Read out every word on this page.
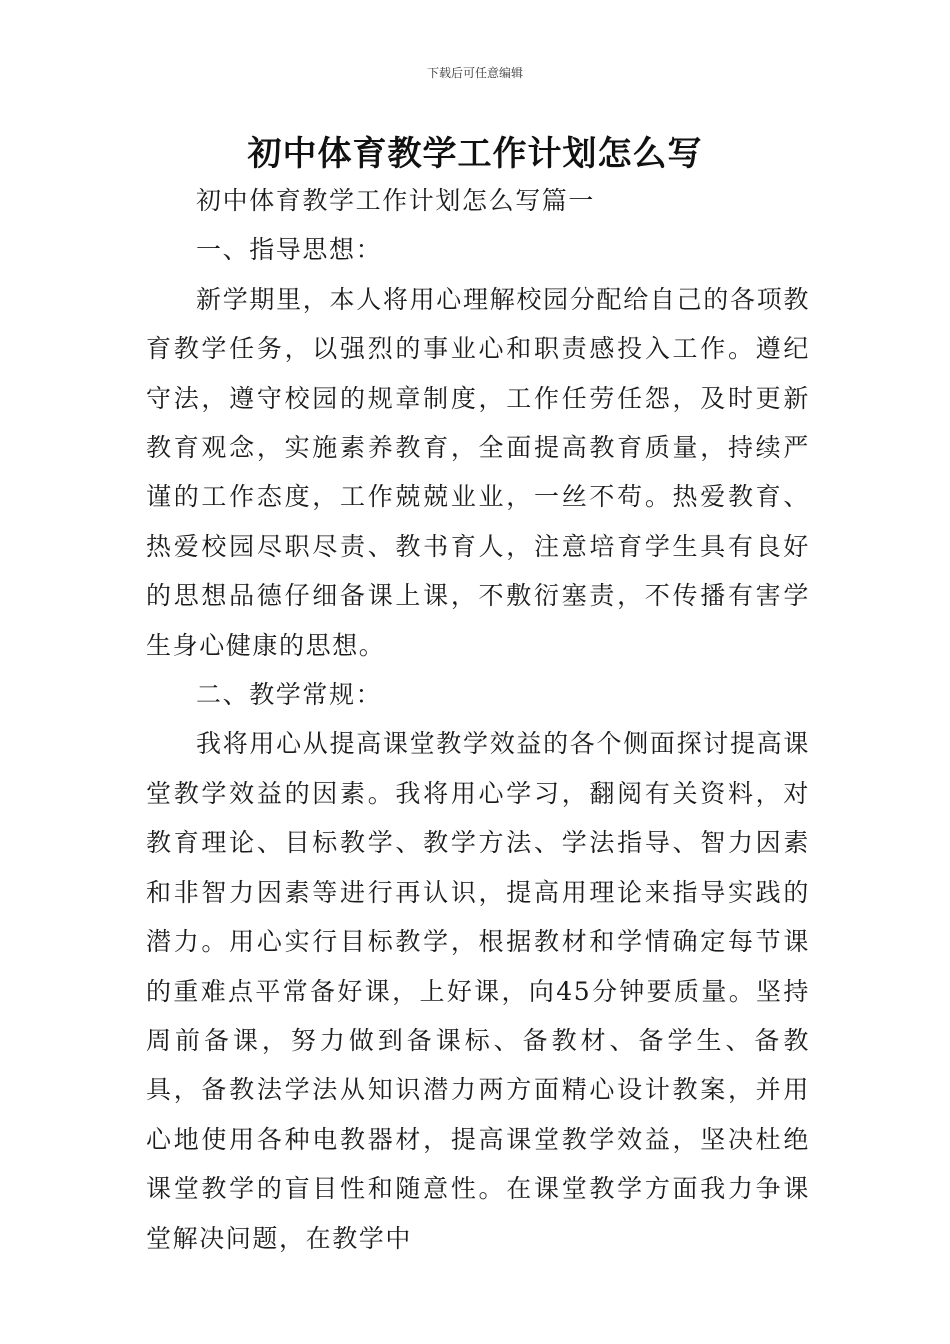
下载后可任意编辑
初中体育教学工作计划怎么写

初中体育教学工作计划怎么写篇一

一、指导思想：

新学期里，本人将用心理解校园分配给自己的各项教育教学任务，以强烈的事业心和职责感投入工作。遵纪守法，遵守校园的规章制度，工作任劳任怨，及时更新教育观念，实施素养教育，全面提高教育质量，持续严谨的工作态度，工作兢兢业业，一丝不苟。热爱教育、热爱校园尽职尽责、教书育人，注意培育学生具有良好的思想品德仔细备课上课，不敷衍塞责，不传播有害学生身心健康的思想。

二、教学常规：

我将用心从提高课堂教学效益的各个侧面探讨提高课堂教学效益的因素。我将用心学习，翻阅有关资料，对教育理论、目标教学、教学方法、学法指导、智力因素和非智力因素等进行再认识，提高用理论来指导实践的潜力。用心实行目标教学，根据教材和学情确定每节课的重难点平常备好课，上好课，向45分钟要质量。坚持周前备课，努力做到备课标、备教材、备学生、备教具，备教法学法从知识潜力两方面精心设计教案，并用心地使用各种电教器材，提高课堂教学效益，坚决杜绝课堂教学的盲目性和随意性。在课堂教学方面我力争课堂解决问题，在教学中
